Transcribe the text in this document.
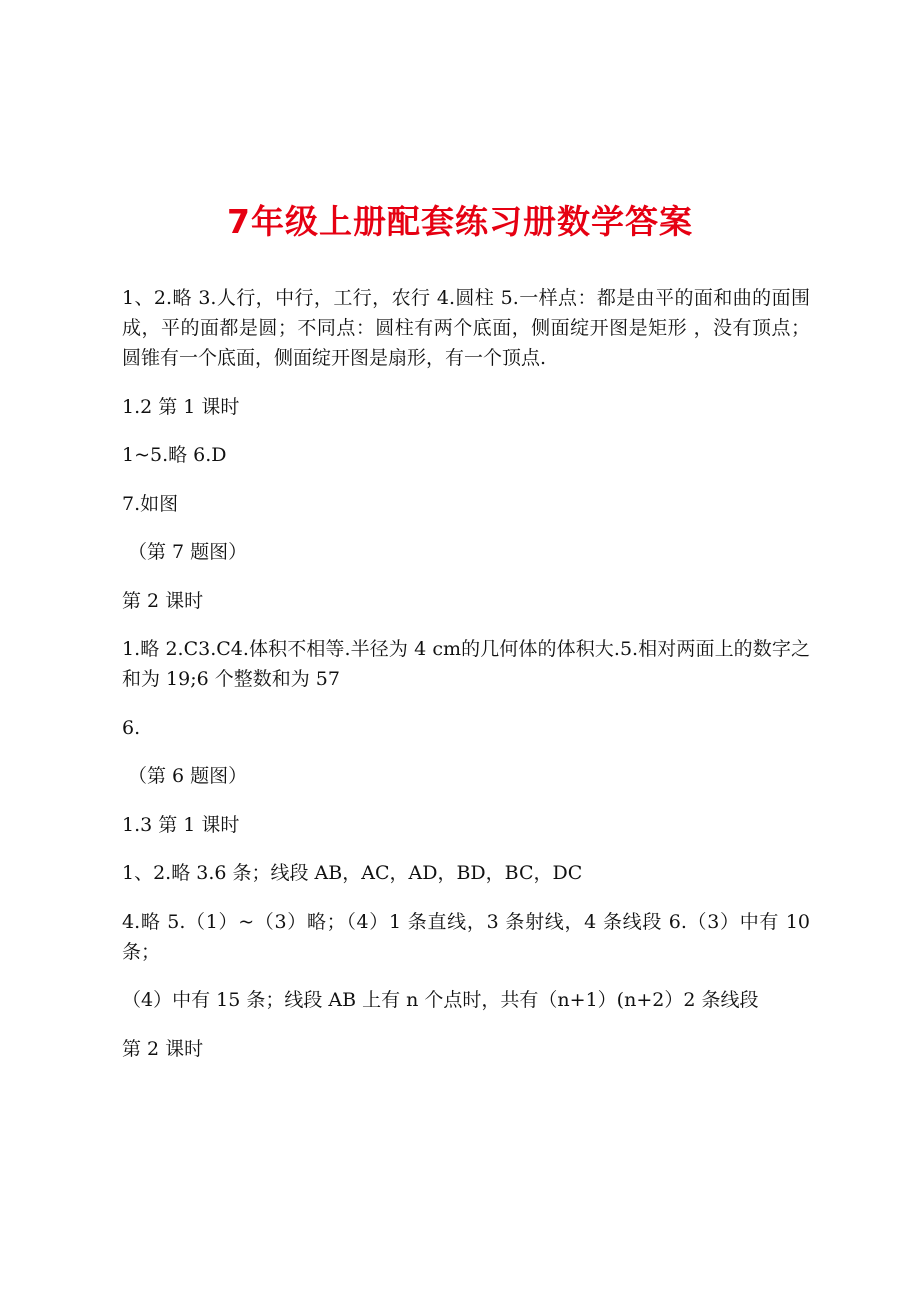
7年级上册配套练习册数学答案

1、2.略 3.人行，中行，工行，农行 4.圆柱 5.一样点：都是由平的面和曲的面围成，平的面都是圆；不同点：圆柱有两个底面，侧面绽开图是矩形 ，没有顶点；圆锥有一个底面，侧面绽开图是扇形，有一个顶点.

1.2 第 1 课时

1~5.略 6.D

7.如图

（第 7 题图）

第 2 课时

1.略 2.C3.C4.体积不相等.半径为 4 cm的几何体的体积大.5.相对两面上的数字之和为 19;6 个整数和为 57

6.

（第 6 题图）

1.3 第 1 课时

1、2.略 3.6 条；线段 AB，AC，AD，BD，BC，DC

4.略 5.（1）~（3）略；（4）1 条直线，3 条射线，4 条线段 6.（3）中有 10 条；

（4）中有 15 条；线段 AB 上有 n 个点时，共有（n+1）(n+2）2 条线段

第 2 课时
